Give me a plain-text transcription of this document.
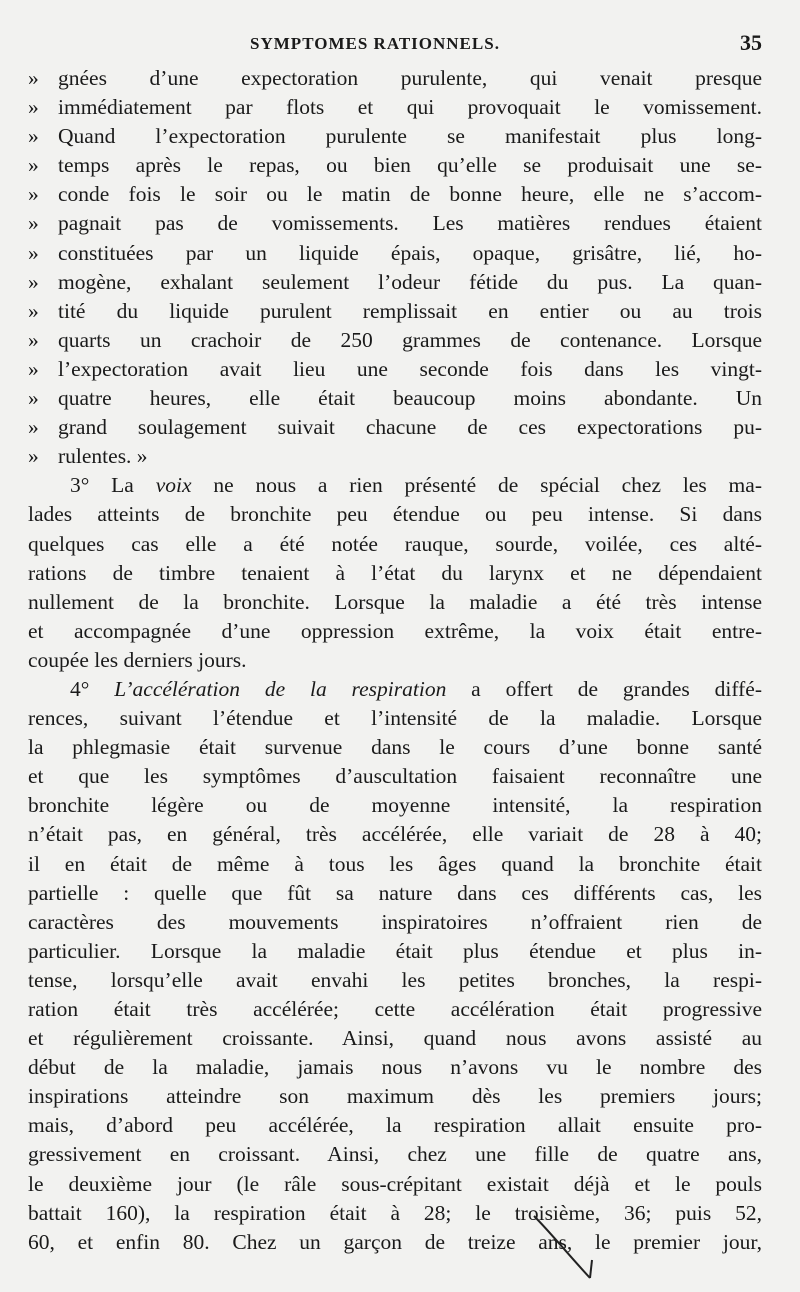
SYMPTOMES RATIONNELS.	35
» gnées d’une expectoration purulente, qui venait presque
» immédiatement par flots et qui provoquait le vomissement.
» Quand l’expectoration purulente se manifestait plus long-
» temps après le repas, ou bien qu’elle se produisait une se-
» conde fois le soir ou le matin de bonne heure, elle ne s’accom-
» pagnait pas de vomissements. Les matières rendues étaient
» constituées par un liquide épais, opaque, grisâtre, lié, ho-
» mogène, exhalant seulement l’odeur fétide du pus. La quan-
» tité du liquide purulent remplissait en entier ou au trois
» quarts un crachoir de 250 grammes de contenance. Lorsque
» l’expectoration avait lieu une seconde fois dans les vingt-
» quatre heures, elle était beaucoup moins abondante. Un
» grand soulagement suivait chacune de ces expectorations pu-
» rulentes. »
3° La voix ne nous a rien présenté de spécial chez les ma-
lades atteints de bronchite peu étendue ou peu intense. Si dans
quelques cas elle a été notée rauque, sourde, voilée, ces alté-
rations de timbre tenaient à l’état du larynx et ne dépendaient
nullement de la bronchite. Lorsque la maladie a été très intense
et accompagnée d’une oppression extrême, la voix était entre-
coupée les derniers jours.
4° L’accélération de la respiration a offert de grandes diffé-
rences, suivant l’étendue et l’intensité de la maladie. Lorsque
la phlegmasie était survenue dans le cours d’une bonne santé
et que les symptômes d’auscultation faisaient reconnaître une
bronchite légère ou de moyenne intensité, la respiration
n’était pas, en général, très accélérée, elle variait de 28 à 40;
il en était de même à tous les âges quand la bronchite était
partielle : quelle que fût sa nature dans ces différents cas, les
caractères des mouvements inspiratoires n’offraient rien de
particulier. Lorsque la maladie était plus étendue et plus in-
tense, lorsqu’elle avait envahi les petites bronches, la respi-
ration était très accélérée; cette accélération était progressive
et régulièrement croissante. Ainsi, quand nous avons assisté au
début de la maladie, jamais nous n’avons vu le nombre des
inspirations atteindre son maximum dès les premiers jours;
mais, d’abord peu accélérée, la respiration allait ensuite pro-
gressivement en croissant. Ainsi, chez une fille de quatre ans,
le deuxième jour (le râle sous-crépitant existait déjà et le pouls
battait 160), la respiration était à 28; le troisième, 36; puis 52,
60, et enfin 80. Chez un garçon de treize ans, le premier jour,
